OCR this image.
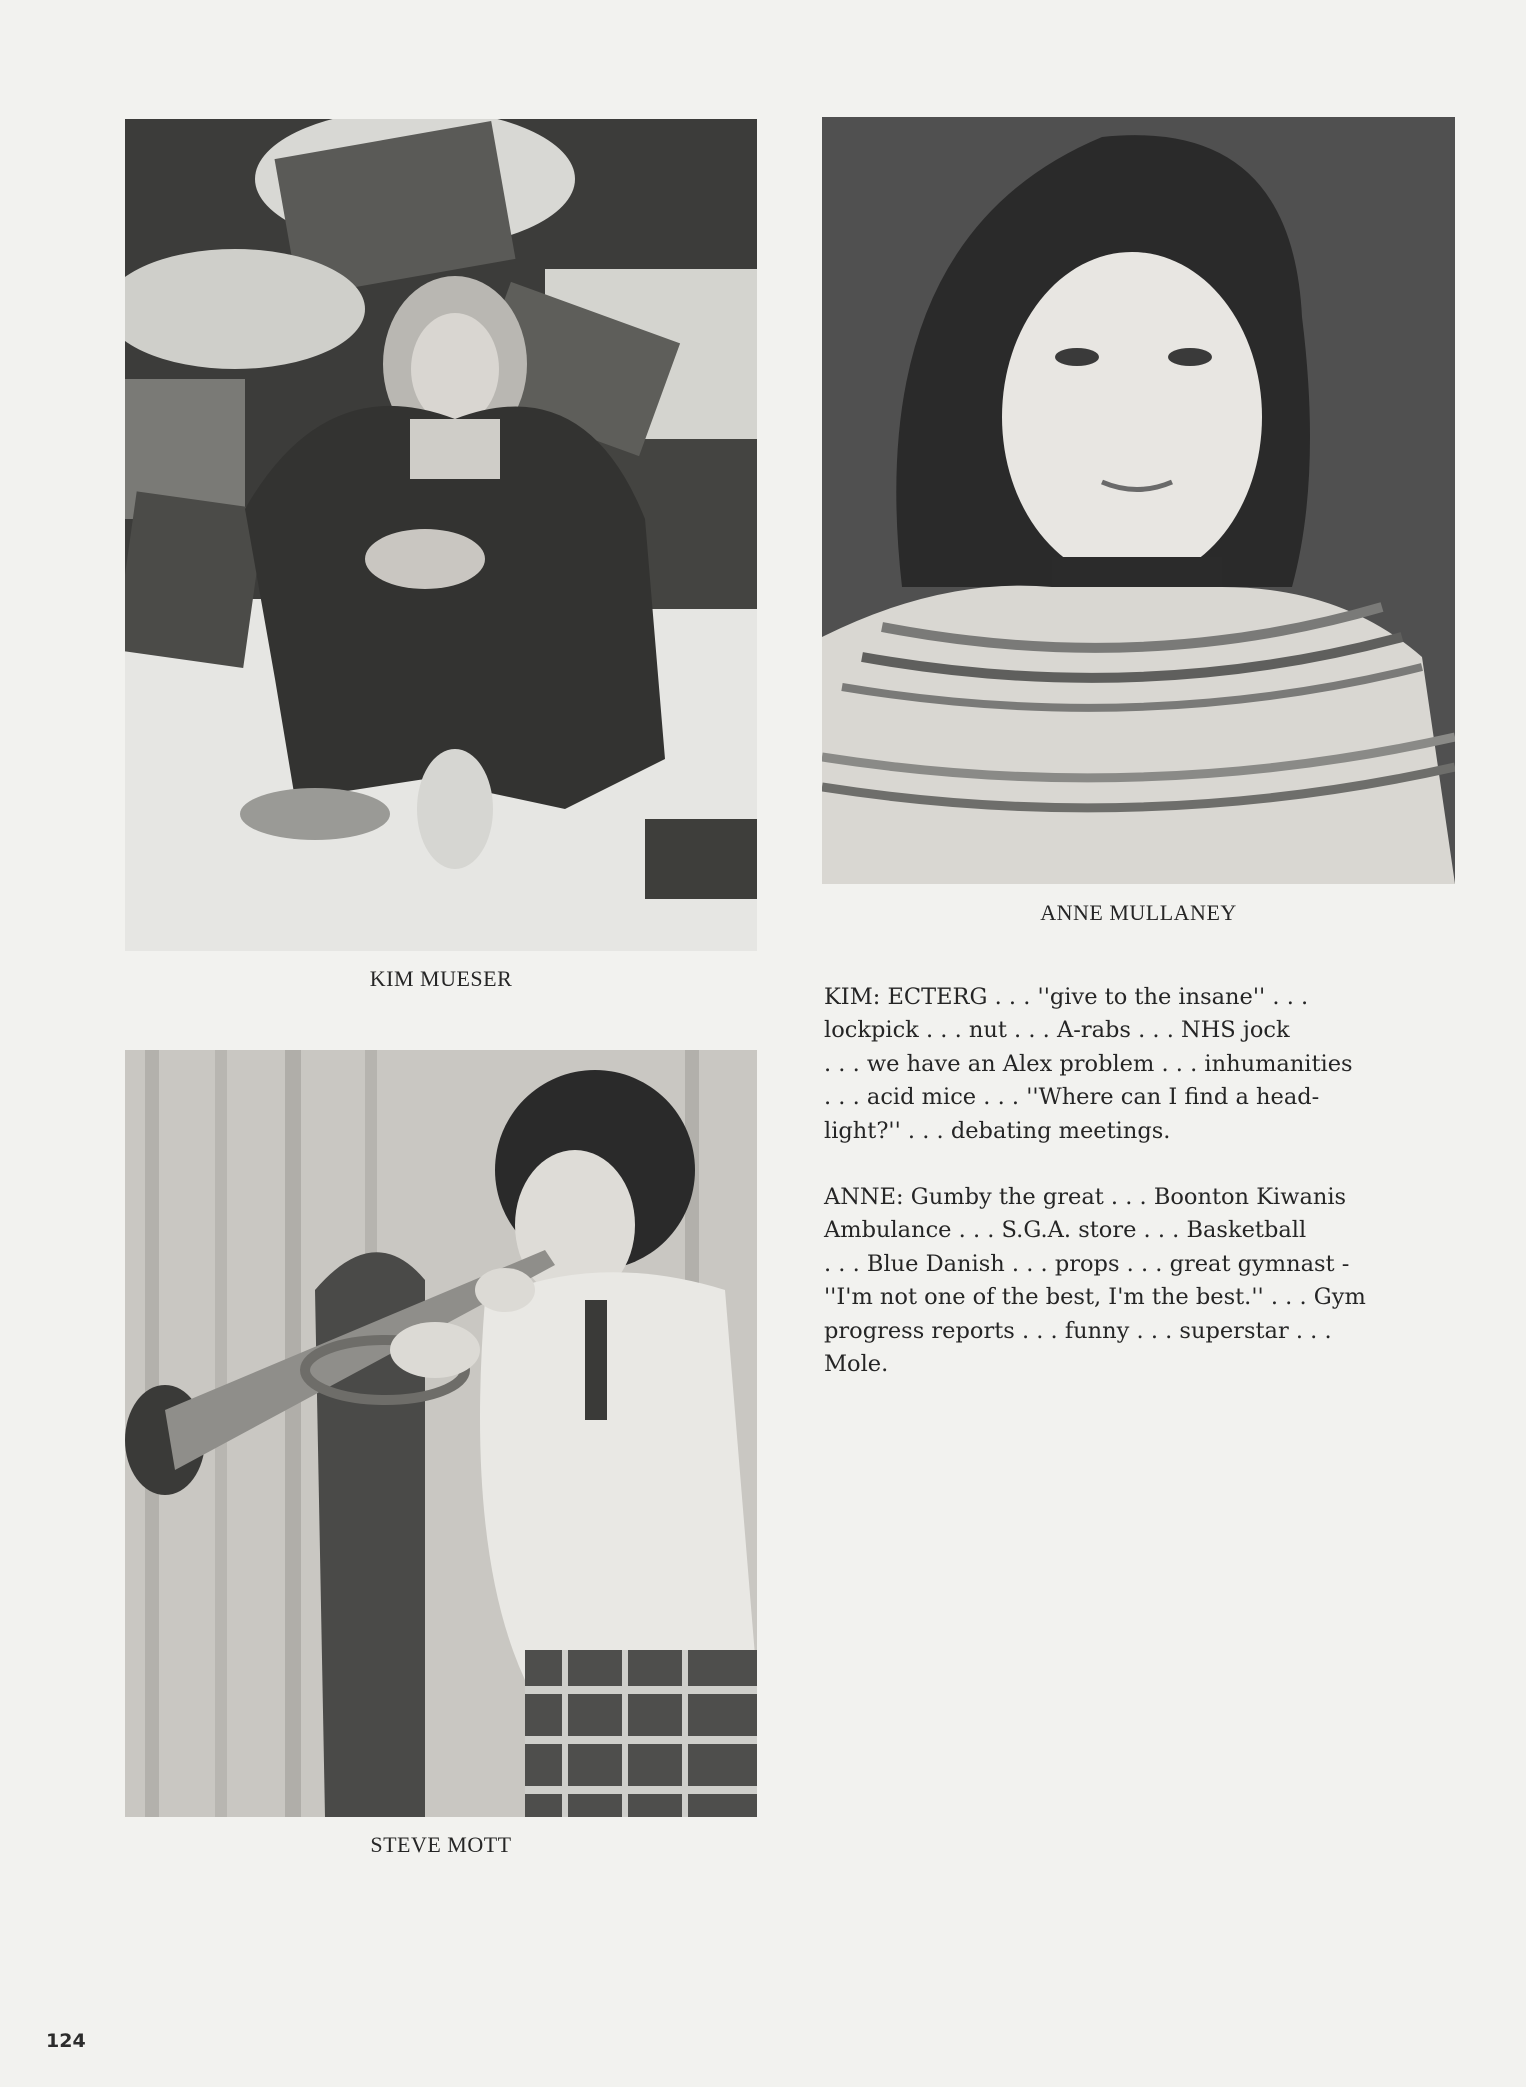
KIM MUESER
ANNE MULLANEY

KIM: ECTERG . . . ''give to the insane'' . . .
lockpick . . . nut . . . A-rabs . . . NHS jock
. . . we have an Alex problem . . . inhumanities
. . . acid mice . . . ''Where can I find a head-
light?'' . . . debating meetings.

ANNE: Gumby the great . . . Boonton Kiwanis
Ambulance . . . S.G.A. store . . . Basketball
. . . Blue Danish . . . props . . . great gymnast -
''I'm not one of the best, I'm the best.'' . . . Gym
progress reports . . . funny . . . superstar . . .
Mole.

STEVE MOTT
124
